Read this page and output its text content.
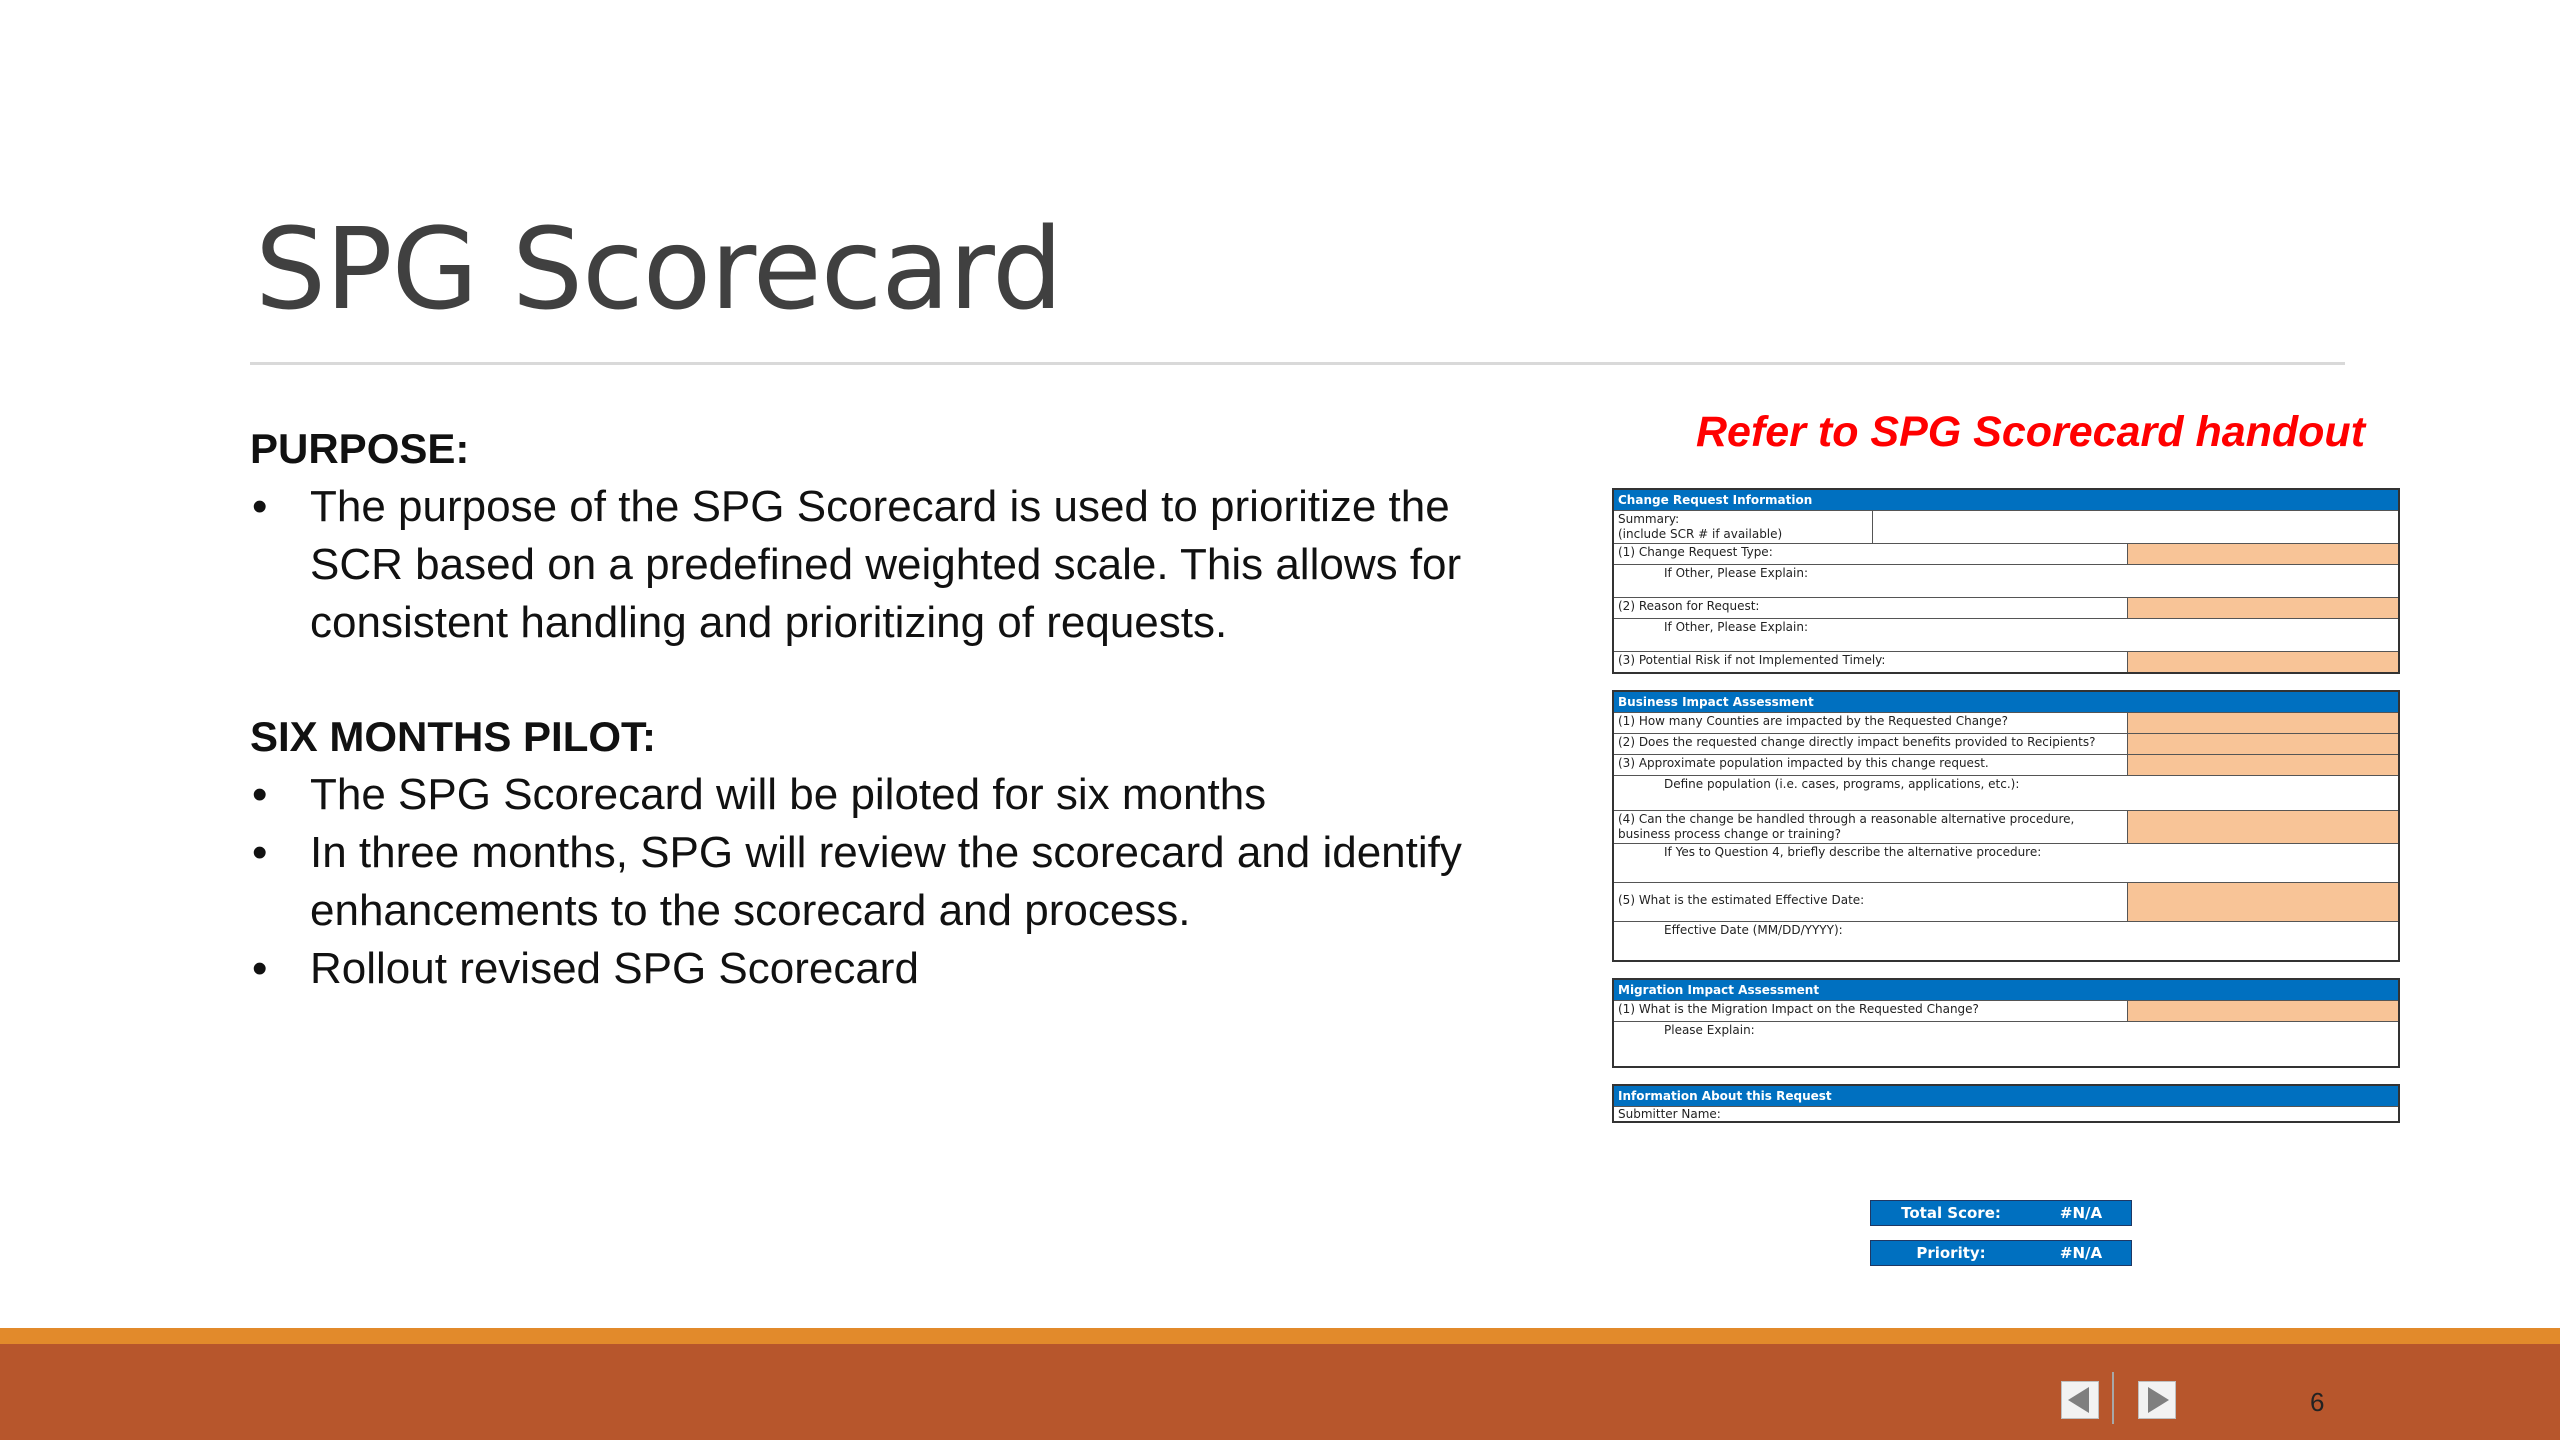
SPG Scorecard

PURPOSE:

• The purpose of the SPG Scorecard is used to prioritize the SCR based on a predefined weighted scale. This allows for consistent handling and prioritizing of requests.

SIX MONTHS PILOT:

• The SPG Scorecard will be piloted for six months
• In three months, SPG will review the scorecard and identify enhancements to the scorecard and process.
• Rollout revised SPG Scorecard
Refer to SPG Scorecard handout
Change Request Information
Summary:
(include SCR # if available)
(1) Change Request Type:
If Other, Please Explain:
(2) Reason for Request:
If Other, Please Explain:
(3) Potential Risk if not Implemented Timely:
Business Impact Assessment
(1) How many Counties are impacted by the Requested Change?
(2) Does the requested change directly impact benefits provided to Recipients?
(3) Approximate population impacted by this change request.
Define population (i.e. cases, programs, applications, etc.):
(4) Can the change be handled through a reasonable alternative procedure, business process change or training?
If Yes to Question 4, briefly describe the alternative procedure:
(5) What is the estimated Effective Date:
Effective Date (MM/DD/YYYY):
Migration Impact Assessment
(1) What is the Migration Impact on the Requested Change?
Please Explain:
Information About this Request
Submitter Name:
Total Score:	#N/A
Priority:	#N/A
6
